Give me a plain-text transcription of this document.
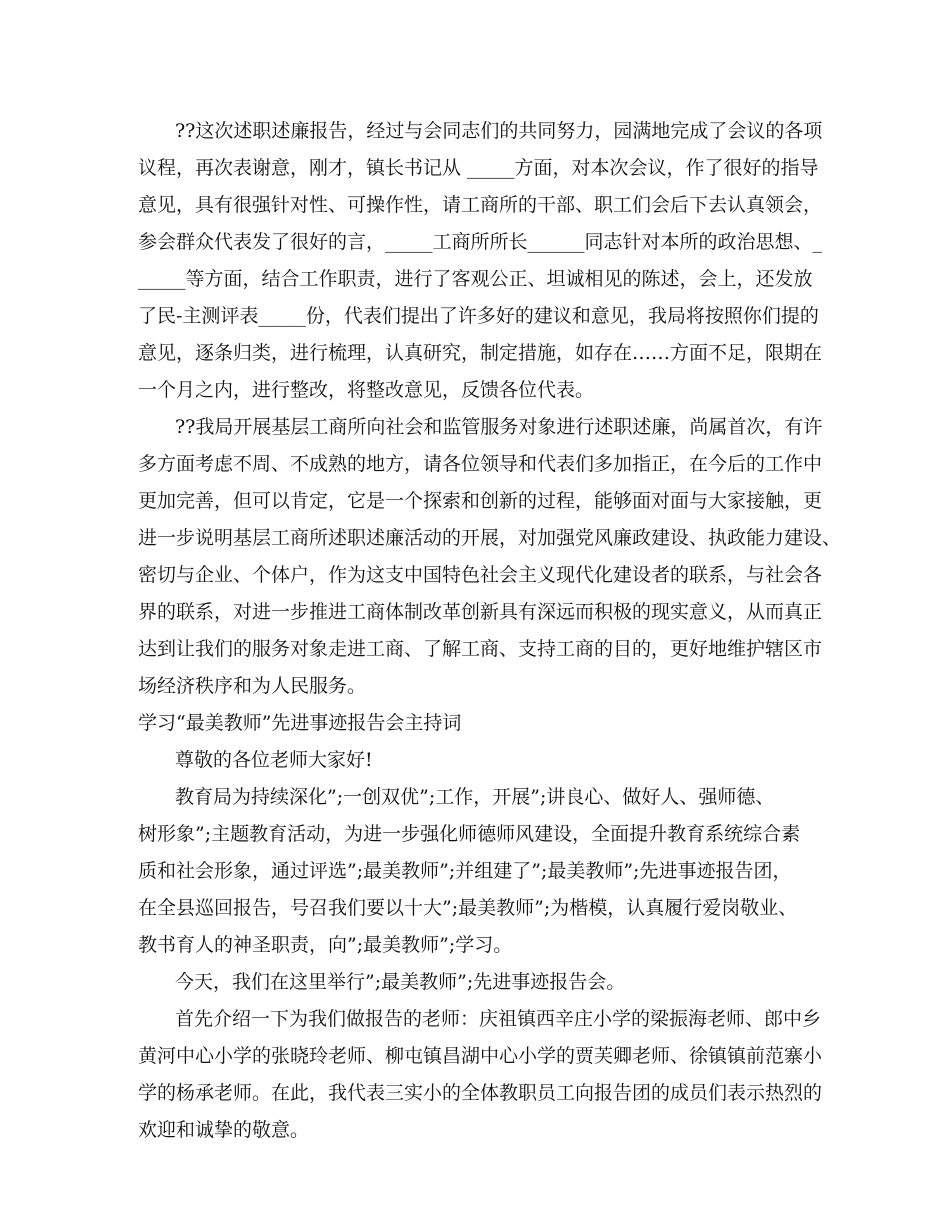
??这次述职述廉报告，经过与会同志们的共同努力，园满地完成了会议的各项
议程，再次表谢意，刚才，镇长书记从 _____方面，对本次会议，作了很好的指导
意见，具有很强针对性、可操作性，请工商所的干部、职工们会后下去认真领会，
参会群众代表发了很好的言，_____工商所所长______同志针对本所的政治思想、_
_____等方面，结合工作职责，进行了客观公正、坦诚相见的陈述，会上，还发放
了民-主测评表_____份，代表们提出了许多好的建议和意见，我局将按照你们提的
意见，逐条归类，进行梳理，认真研究，制定措施，如存在……方面不足，限期在
一个月之内，进行整改，将整改意见，反馈各位代表。
??我局开展基层工商所向社会和监管服务对象进行述职述廉，尚属首次，有许
多方面考虑不周、不成熟的地方，请各位领导和代表们多加指正，在今后的工作中
更加完善，但可以肯定，它是一个探索和创新的过程，能够面对面与大家接触，更
进一步说明基层工商所述职述廉活动的开展，对加强党风廉政建设、执政能力建设、
密切与企业、个体户，作为这支中国特色社会主义现代化建设者的联系，与社会各
界的联系，对进一步推进工商体制改革创新具有深远而积极的现实意义，从而真正
达到让我们的服务对象走进工商、了解工商、支持工商的目的，更好地维护辖区市
场经济秩序和为人民服务。
学习“最美教师”先进事迹报告会主持词
尊敬的各位老师大家好!
教育局为持续深化”;一创双优”;工作，开展”;讲良心、做好人、强师德、
树形象”;主题教育活动，为进一步强化师德师风建设，全面提升教育系统综合素
质和社会形象，通过评选”;最美教师”;并组建了”;最美教师”;先进事迹报告团，
在全县巡回报告，号召我们要以十大”;最美教师”;为楷模，认真履行爱岗敬业、
教书育人的神圣职责，向”;最美教师”;学习。
今天，我们在这里举行”;最美教师”;先进事迹报告会。
首先介绍一下为我们做报告的老师：庆祖镇西辛庄小学的梁振海老师、郎中乡
黄河中心小学的张晓玲老师、柳屯镇昌湖中心小学的贾芙卿老师、徐镇镇前范寨小
学的杨承老师。在此，我代表三实小的全体教职员工向报告团的成员们表示热烈的
欢迎和诚挚的敬意。
